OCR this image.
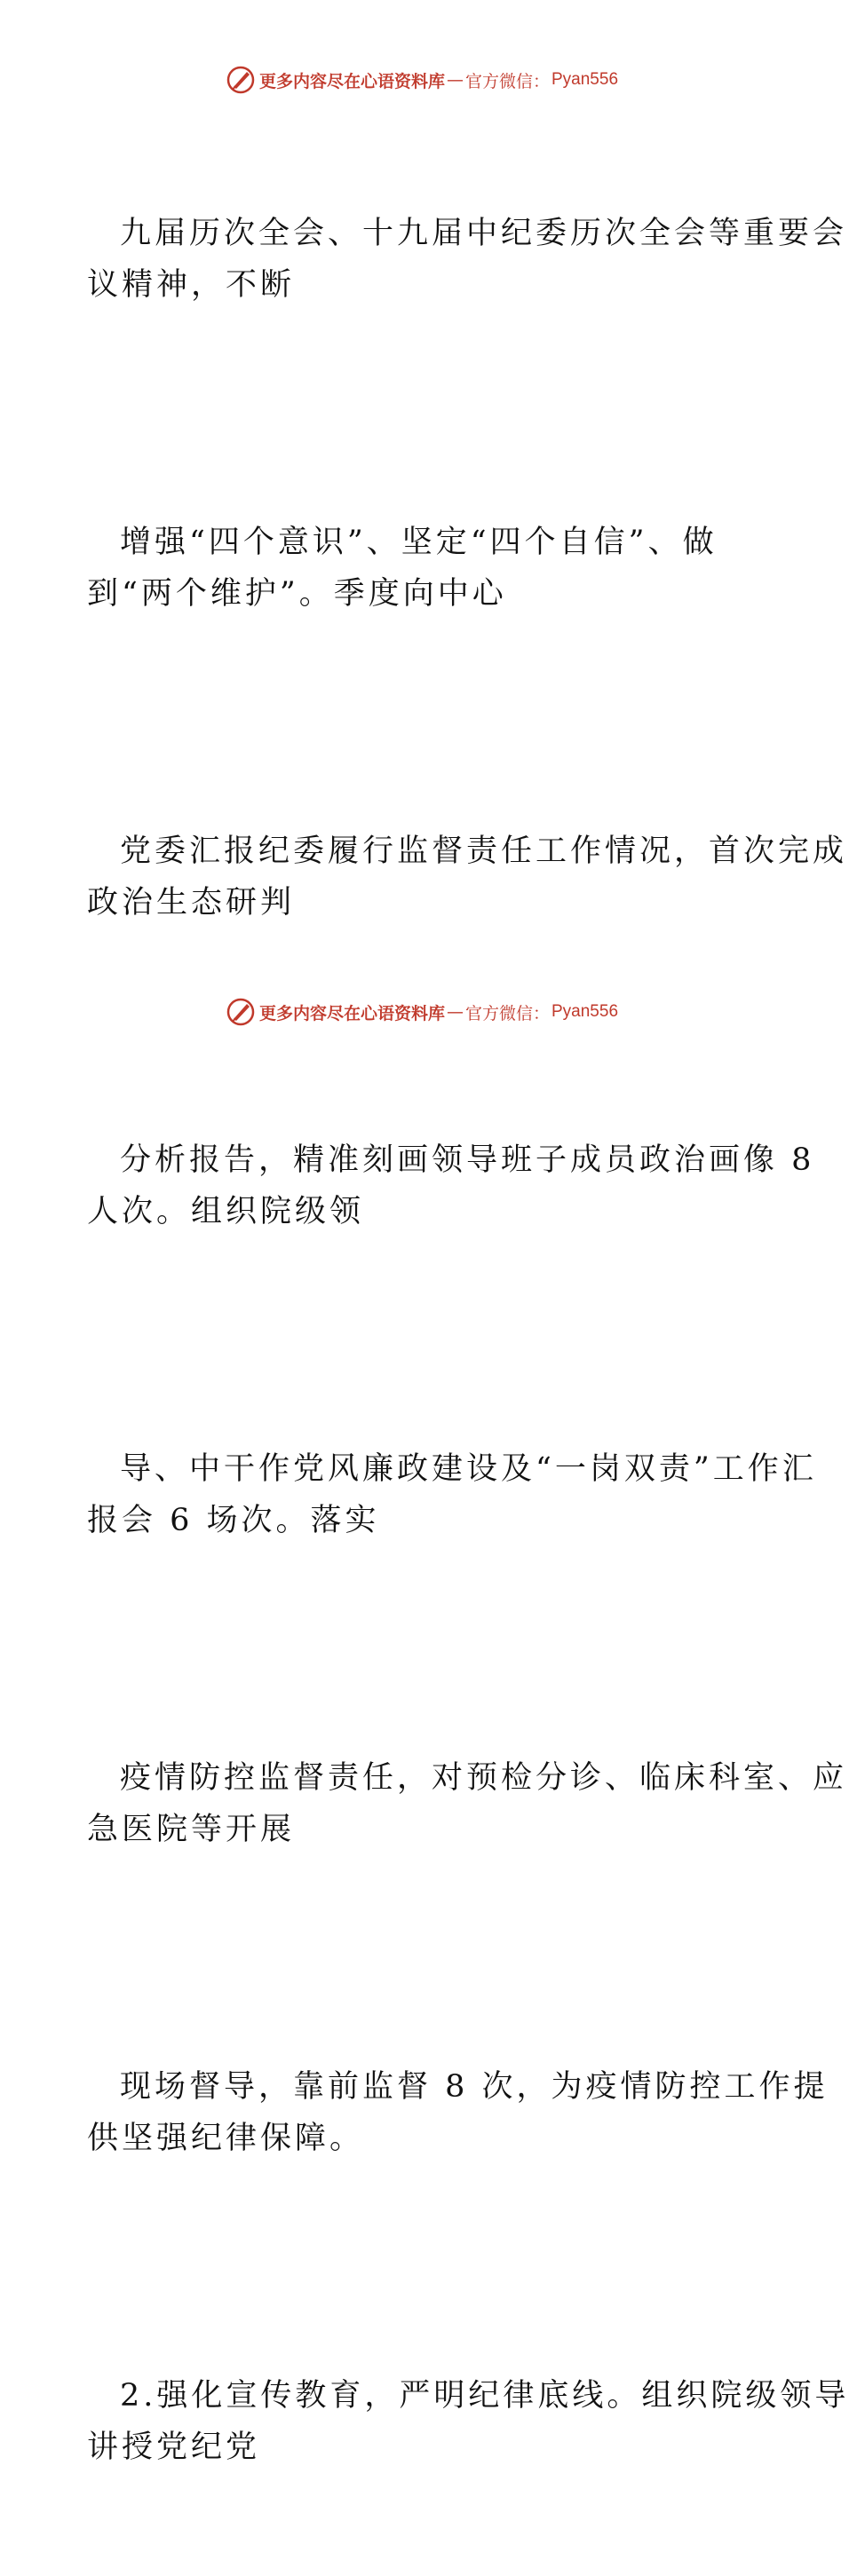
更多内容尽在心语资料库 — 官方微信： Pyan556

九届历次全会、十九届中纪委历次全会等重要会
议精神，不断

增强“四个意识”、坚定“四个自信”、做
到“两个维护”。季度向中心

党委汇报纪委履行监督责任工作情况，首次完成
政治生态研判

分析报告，精准刻画领导班子成员政治画像 8
人次。组织院级领

导、中干作党风廉政建设及“一岗双责”工作汇
报会 6 场次。落实

疫情防控监督责任，对预检分诊、临床科室、应
急医院等开展

现场督导，靠前监督 8 次，为疫情防控工作提
供坚强纪律保障。

2.强化宣传教育，严明纪律底线。组织院级领导
讲授党纪党

更多内容尽在心语资料库 — 官方微信： Pyan556
